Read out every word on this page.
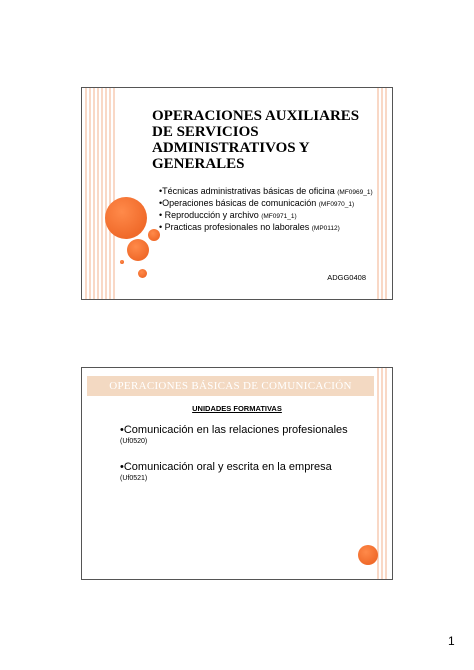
OPERACIONES AUXILIARES DE SERVICIOS ADMINISTRATIVOS Y GENERALES
•Técnicas administrativas básicas de oficina (MF0969_1)
•Operaciones básicas de comunicación (MF0970_1)
• Reproducción y archivo (MF0971_1)
• Practicas profesionales no laborales (MP0112)
ADGG0408
OPERACIONES BÁSICAS DE COMUNICACIÓN
UNIDADES FORMATIVAS
•Comunicación en las relaciones profesionales
(Uf0520)
•Comunicación oral y escrita en la empresa
(Uf0521)
1
